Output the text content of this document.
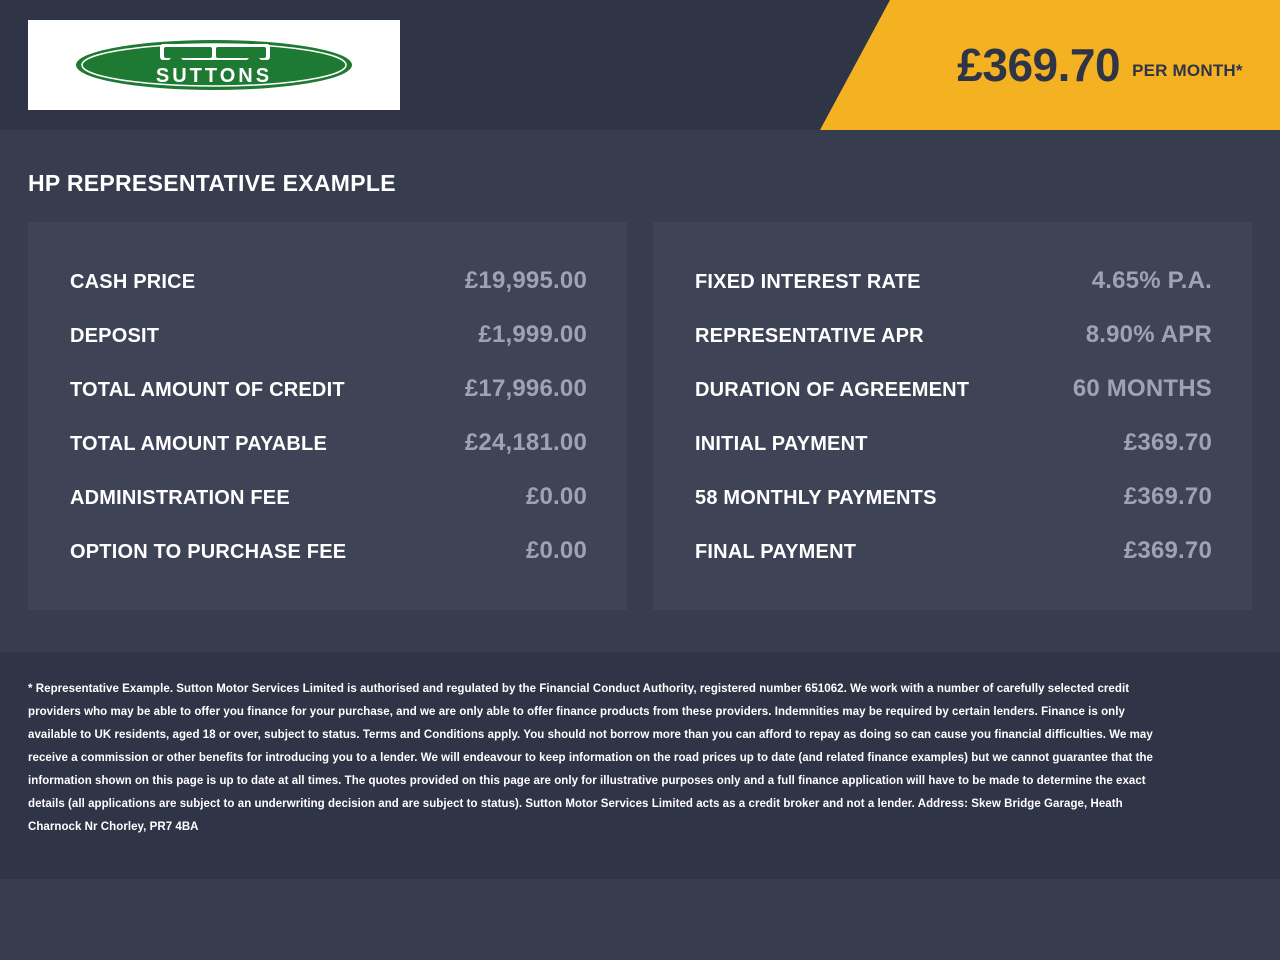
SUTTONS	£369.70 PER MONTH*
HP REPRESENTATIVE EXAMPLE
CASH PRICE	£19,995.00
DEPOSIT	£1,999.00
TOTAL AMOUNT OF CREDIT	£17,996.00
TOTAL AMOUNT PAYABLE	£24,181.00
ADMINISTRATION FEE	£0.00
OPTION TO PURCHASE FEE	£0.00
FIXED INTEREST RATE	4.65% P.A.
REPRESENTATIVE APR	8.90% APR
DURATION OF AGREEMENT	60 MONTHS
INITIAL PAYMENT	£369.70
58 MONTHLY PAYMENTS	£369.70
FINAL PAYMENT	£369.70

* Representative Example. Sutton Motor Services Limited is authorised and regulated by the Financial Conduct Authority, registered number 651062. We work with a number of carefully selected credit providers who may be able to offer you finance for your purchase, and we are only able to offer finance products from these providers. Indemnities may be required by certain lenders. Finance is only available to UK residents, aged 18 or over, subject to status. Terms and Conditions apply. You should not borrow more than you can afford to repay as doing so can cause you financial difficulties. We may receive a commission or other benefits for introducing you to a lender. We will endeavour to keep information on the road prices up to date (and related finance examples) but we cannot guarantee that the information shown on this page is up to date at all times. The quotes provided on this page are only for illustrative purposes only and a full finance application will have to be made to determine the exact details (all applications are subject to an underwriting decision and are subject to status). Sutton Motor Services Limited acts as a credit broker and not a lender. Address: Skew Bridge Garage, Heath Charnock Nr Chorley, PR7 4BA
